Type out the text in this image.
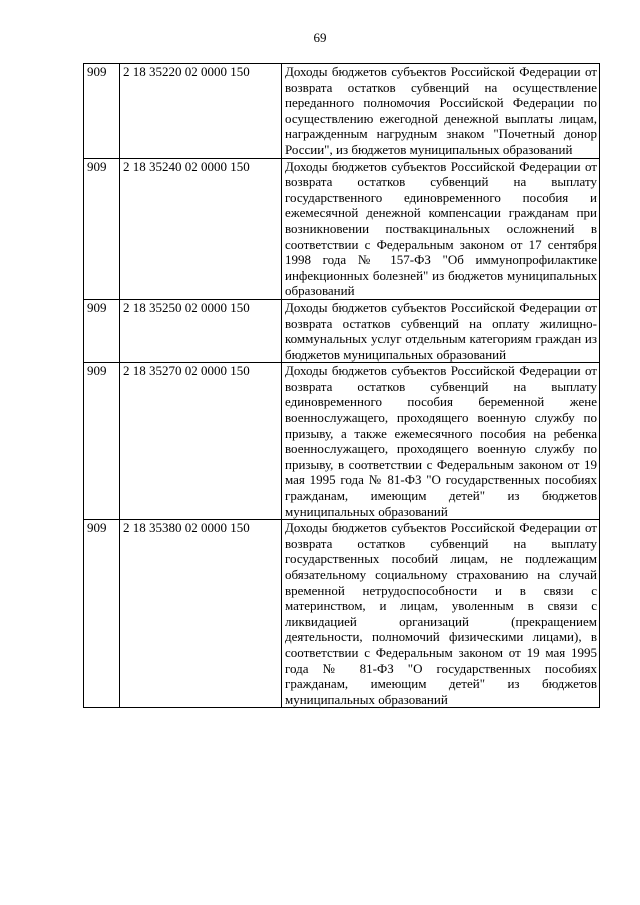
69
909	2 18 35220 02 0000 150	Доходы бюджетов субъектов Российской Федерации от возврата остатков субвенций на осуществление переданного полномочия Российской Федерации по осуществлению ежегодной денежной выплаты лицам, награжденным нагрудным знаком "Почетный донор России", из бюджетов муниципальных образований
909	2 18 35240 02 0000 150	Доходы бюджетов субъектов Российской Федерации от возврата остатков субвенций на выплату государственного единовременного пособия и ежемесячной денежной компенсации гражданам при возникновении поствакцинальных осложнений в соответствии с Федеральным законом от 17 сентября 1998 года № 157-ФЗ "Об иммунопрофилактике инфекционных болезней" из бюджетов муниципальных образований
909	2 18 35250 02 0000 150	Доходы бюджетов субъектов Российской Федерации от возврата остатков субвенций на оплату жилищно-коммунальных услуг отдельным категориям граждан из бюджетов муниципальных образований
909	2 18 35270 02 0000 150	Доходы бюджетов субъектов Российской Федерации от возврата остатков субвенций на выплату единовременного пособия беременной жене военнослужащего, проходящего военную службу по призыву, а также ежемесячного пособия на ребенка военнослужащего, проходящего военную службу по призыву, в соответствии с Федеральным законом от 19 мая 1995 года № 81-ФЗ "О государственных пособиях гражданам, имеющим детей" из бюджетов муниципальных образований
909	2 18 35380 02 0000 150	Доходы бюджетов субъектов Российской Федерации от возврата остатков субвенций на выплату государственных пособий лицам, не подлежащим обязательному социальному страхованию на случай временной нетрудоспособности и в связи с материнством, и лицам, уволенным в связи с ликвидацией организаций (прекращением деятельности, полномочий физическими лицами), в соответствии с Федеральным законом от 19 мая 1995 года № 81-ФЗ "О государственных пособиях гражданам, имеющим детей" из бюджетов муниципальных образований
